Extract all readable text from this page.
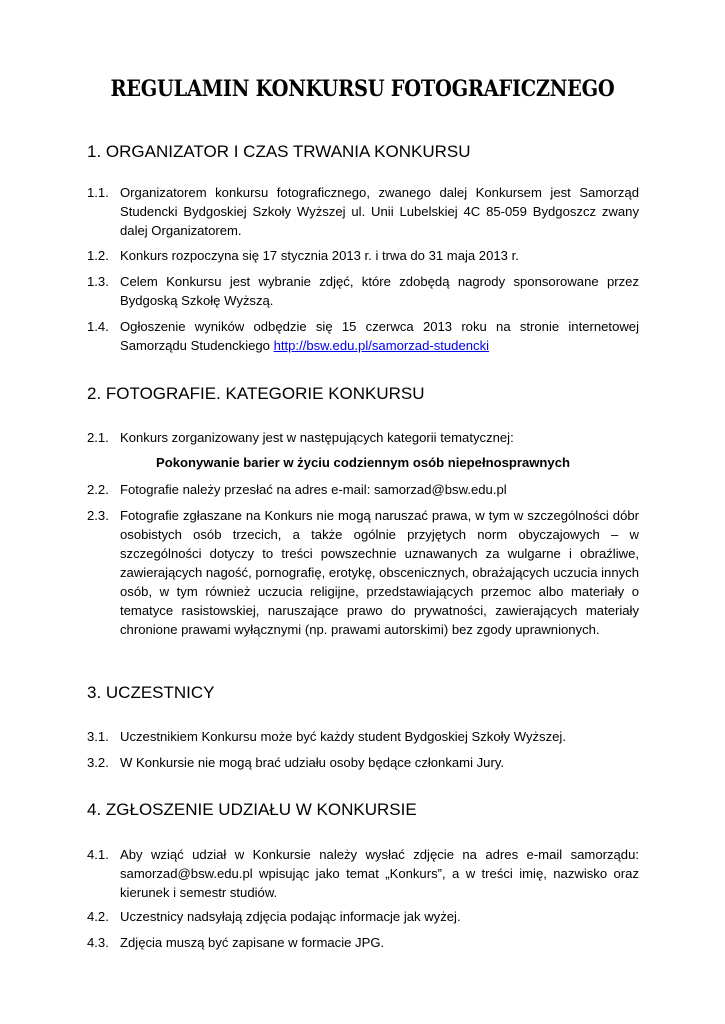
REGULAMIN KONKURSU FOTOGRAFICZNEGO
1. ORGANIZATOR I CZAS TRWANIA KONKURSU
1.1. Organizatorem konkursu fotograficznego, zwanego dalej Konkursem jest Samorząd Studencki Bydgoskiej Szkoły Wyższej ul. Unii Lubelskiej 4C 85-059 Bydgoszcz zwany dalej Organizatorem.
1.2. Konkurs rozpoczyna się 17 stycznia 2013 r. i trwa do 31 maja 2013 r.
1.3. Celem Konkursu jest wybranie zdjęć, które zdobędą nagrody sponsorowane przez Bydgoską Szkołę Wyższą.
1.4. Ogłoszenie wyników odbędzie się 15 czerwca 2013 roku na stronie internetowej Samorządu Studenckiego http://bsw.edu.pl/samorzad-studencki
2. FOTOGRAFIE. KATEGORIE KONKURSU
2.1. Konkurs zorganizowany jest w następujących kategorii tematycznej:
Pokonywanie barier w życiu codziennym osób niepełnosprawnych
2.2. Fotografie należy przesłać na adres e-mail: samorzad@bsw.edu.pl
2.3. Fotografie zgłaszane na Konkurs nie mogą naruszać prawa, w tym w szczególności dóbr osobistych osób trzecich, a także ogólnie przyjętych norm obyczajowych – w szczególności dotyczy to treści powszechnie uznawanych za wulgarne i obraźliwe, zawierających nagość, pornografię, erotykę, obscenicznych, obrażających uczucia innych osób, w tym również uczucia religijne, przedstawiających przemoc albo materiały o tematyce rasistowskiej, naruszające prawo do prywatności, zawierających materiały chronione prawami wyłącznymi (np. prawami autorskimi) bez zgody uprawnionych.
3. UCZESTNICY
3.1. Uczestnikiem Konkursu może być każdy student Bydgoskiej Szkoły Wyższej.
3.2. W Konkursie nie mogą brać udziału osoby będące członkami Jury.
4. ZGŁOSZENIE UDZIAŁU W KONKURSIE
4.1. Aby wziąć udział w Konkursie należy wysłać zdjęcie na adres e-mail samorządu: samorzad@bsw.edu.pl wpisując jako temat „Konkurs”, a w treści imię, nazwisko oraz kierunek i semestr studiów.
4.2. Uczestnicy nadsyłają zdjęcia podając informacje jak wyżej.
4.3. Zdjęcia muszą być zapisane w formacie JPG.
